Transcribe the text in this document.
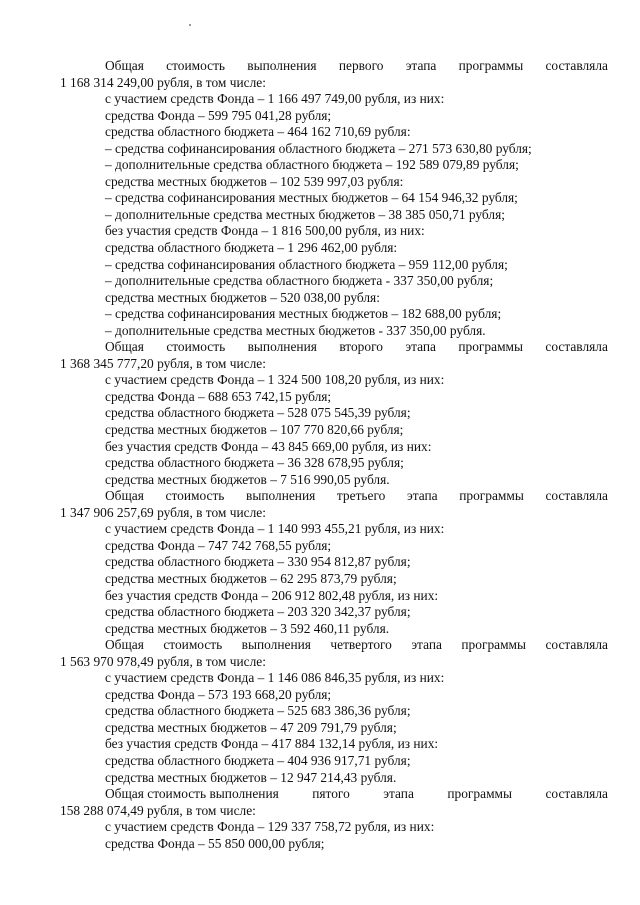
Общая стоимость выполнения первого этапа программы составляла
1 168 314 249,00 рубля, в том числе:
с участием средств Фонда – 1 166 497 749,00 рубля, из них:
средства Фонда – 599 795 041,28 рубля;
средства областного бюджета – 464 162 710,69 рубля:
– средства софинансирования областного бюджета – 271 573 630,80 рубля;
– дополнительные средства областного бюджета – 192 589 079,89 рубля;
средства местных бюджетов – 102 539 997,03 рубля:
– средства софинансирования местных бюджетов – 64 154 946,32 рубля;
– дополнительные средства местных бюджетов – 38 385 050,71 рубля;
без участия средств Фонда – 1 816 500,00 рубля, из них:
средства областного бюджета – 1 296 462,00 рубля:
– средства софинансирования областного бюджета – 959 112,00 рубля;
– дополнительные средства областного бюджета - 337 350,00 рубля;
средства местных бюджетов – 520 038,00 рубля:
– средства софинансирования местных бюджетов – 182 688,00 рубля;
– дополнительные средства местных бюджетов - 337 350,00 рубля.
Общая стоимость выполнения второго этапа программы составляла
1 368 345 777,20 рубля, в том числе:
с участием средств Фонда – 1 324 500 108,20 рубля, из них:
средства Фонда – 688 653 742,15 рубля;
средства областного бюджета – 528 075 545,39 рубля;
средства местных бюджетов – 107 770 820,66 рубля;
без участия средств Фонда – 43 845 669,00 рубля, из них:
средства областного бюджета – 36 328 678,95 рубля;
средства местных бюджетов – 7 516 990,05 рубля.
Общая стоимость выполнения третьего этапа программы составляла
1 347 906 257,69 рубля, в том числе:
с участием средств Фонда – 1 140 993 455,21 рубля, из них:
средства Фонда – 747 742 768,55 рубля;
средства областного бюджета – 330 954 812,87 рубля;
средства местных бюджетов – 62 295 873,79 рубля;
без участия средств Фонда – 206 912 802,48 рубля, из них:
средства областного бюджета – 203 320 342,37 рубля;
средства местных бюджетов – 3 592 460,11 рубля.
Общая стоимость выполнения четвертого этапа программы составляла
1 563 970 978,49 рубля, в том числе:
с участием средств Фонда – 1 146 086 846,35 рубля, из них:
средства Фонда – 573 193 668,20 рубля;
средства областного бюджета – 525 683 386,36 рубля;
средства местных бюджетов – 47 209 791,79 рубля;
без участия средств Фонда – 417 884 132,14 рубля, из них:
средства областного бюджета – 404 936 917,71 рубля;
средства местных бюджетов – 12 947 214,43 рубля.
Общая стоимость выполнения пятого этапа программы составляла
158 288 074,49 рубля, в том числе:
с участием средств Фонда – 129 337 758,72 рубля, из них:
средства Фонда – 55 850 000,00 рубля;
